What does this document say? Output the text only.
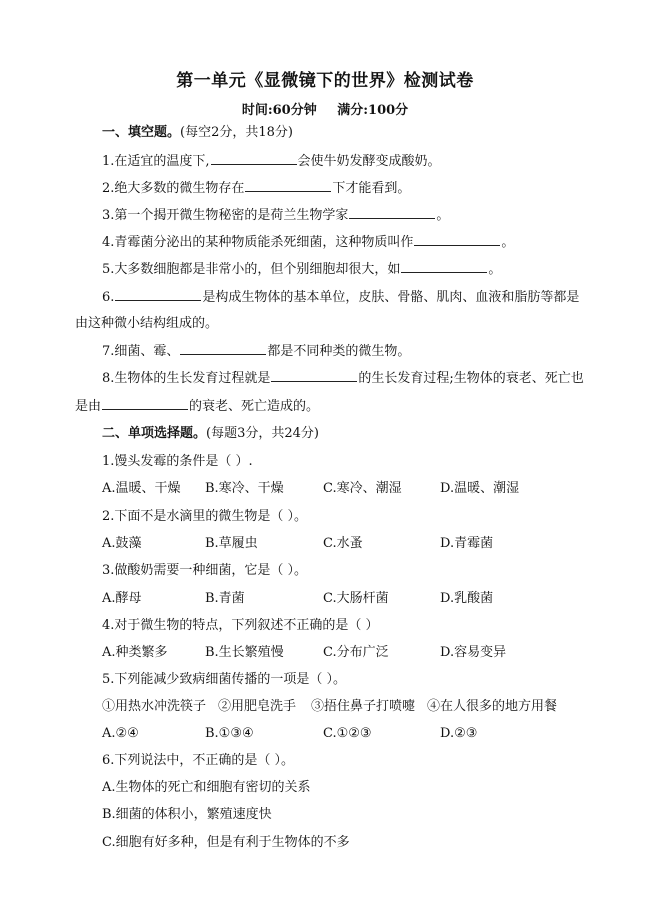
第一单元《显微镜下的世界》检测试卷
时间:60分钟 满分:100分
一、填空题。(每空2分，共18分)
1.在适宜的温度下,	会使牛奶发酵变成酸奶。
2.绝大多数的微生物存在	下才能看到。
3.第一个揭开微生物秘密的是荷兰生物学家	。
4.青霉菌分泌出的某种物质能杀死细菌，这种物质叫作	。
5.大多数细胞都是非常小的，但个别细胞却很大，如	。
6.	是构成生物体的基本单位，皮肤、骨骼、肌肉、血液和脂肪等都是
由这种微小结构组成的。
7.细菌、霉、	都是不同种类的微生物。
8.生物体的生长发育过程就是	的生长发育过程;生物体的衰老、死亡也
是由	的衰老、死亡造成的。
二、单项选择题。(每题3分，共24分)
1.馒头发霉的条件是（ ）.
A.温暖、干燥 B.寒冷、干燥	C.寒冷、潮湿	D.温暖、潮湿
2.下面不是水滴里的微生物是（ ）。
A.鼓藻	B.草履虫	C.水蚤	D.青霉菌
3.做酸奶需要一种细菌，它是（ ）。
A.酵母	B.青菌	C.大肠杆菌	D.乳酸菌
4.对于微生物的特点，下列叙述不正确的是（ ）
A.种类繁多	B.生长繁殖慢	C.分布广泛	D.容易变异
5.下列能减少致病细菌传播的一项是（ ）。
①用热水冲洗筷子 ②用肥皂洗手 ③捂住鼻子打喷嚏 ④在人很多的地方用餐
A.②④	B.①③④	C.①②③	D.②③
6.下列说法中，不正确的是（ ）。
A.生物体的死亡和细胞有密切的关系
B.细菌的体积小，繁殖速度快
C.细胞有好多种，但是有利于生物体的不多
